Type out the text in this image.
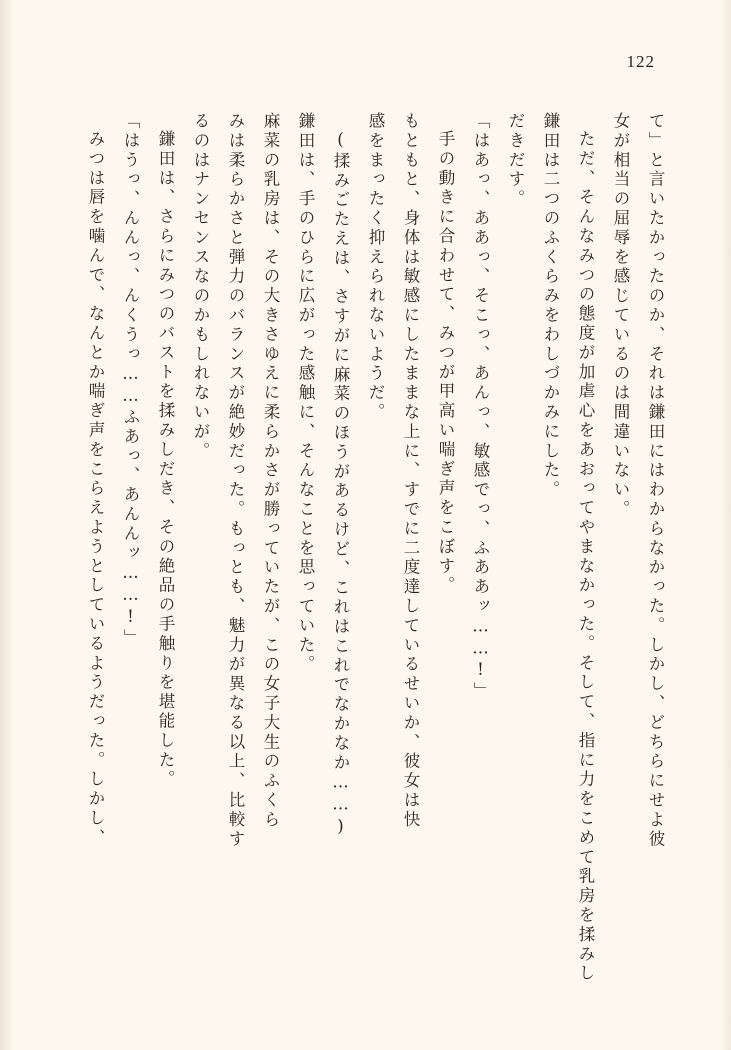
122
て」と言いたかったのか、それは鎌田にはわからなかった。しかし、どちらにせよ彼
女が相当の屈辱を感じているのは間違いない。
ただ、そんなみつの態度が加虐心をあおってやまなかった。そして、指に力をこめて乳房を揉みし
鎌田は二つのふくらみをわしづかみにした。
だきだす。
「はあっ、ああっ、そこっ、あんっ、敏感でっ、ふああッ……!」
手の動きに合わせて、みつが甲高い喘ぎ声をこぼす。
もともと、身体は敏感にしたままな上に、すでに二度達しているせいか、彼女は快
感をまったく抑えられないようだ。
(揉みごたえは、さすがに麻菜のほうがあるけど、これはこれでなかなか……)
鎌田は、手のひらに広がった感触に、そんなことを思っていた。
麻菜の乳房は、その大きさゆえに柔らかさが勝っていたが、この女子大生のふくら
みは柔らかさと弾力のバランスが絶妙だった。もっとも、魅力が異なる以上、比較す
るのはナンセンスなのかもしれないが。
鎌田は、さらにみつのバストを揉みしだき、その絶品の手触りを堪能した。
「はうっ、んんっ、んくうっ……ふあっ、あんんッ……!」
みつは唇を噛んで、なんとか喘ぎ声をこらえようとしているようだった。しかし、
